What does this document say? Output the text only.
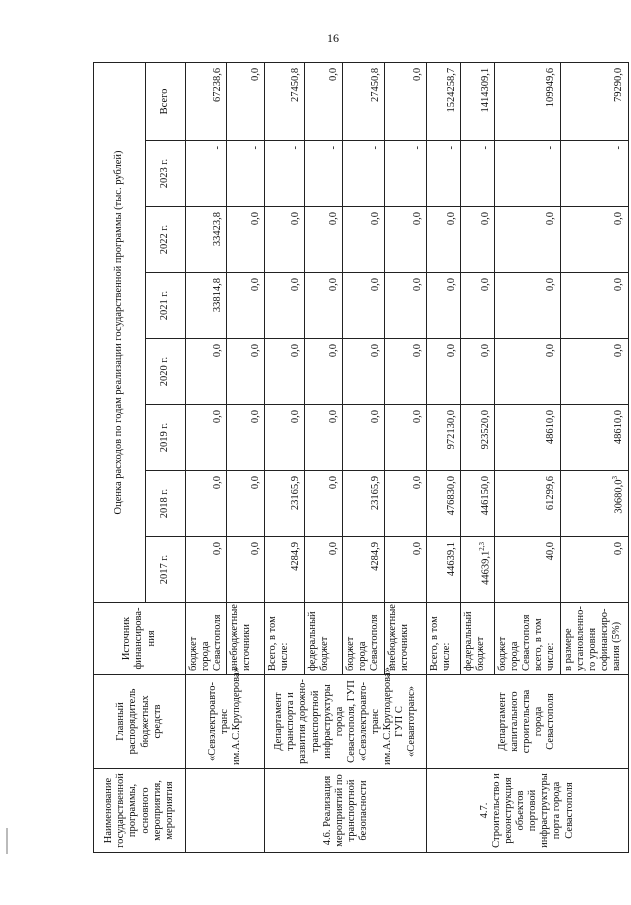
16
Наименование государственной программы, основного мероприятия, мероприятия	Главный распорядитель бюджетных средств	Источник финансирова-ния	Оценка расходов по годам реализации государственной программы (тыс. рублей)							
			2017 г.	2018 г.	2019 г.	2020 г.	2021 г.	2022 г.	2023 г.	Всего
	«Севэлектроавто-транс им.А.С.Круподерова»	бюджет города Севастополя	0,0	0,0	0,0	0,0	33814,8	33423,8	-	67238,6
		внебюджетные источники	0,0	0,0	0,0	0,0	0,0	0,0	-	0,0
4.6. Реализация мероприятий по транспортной безопасности	Департамент транспорта и развития дорожно-транспортной инфраструктуры города Севастополя, ГУП «Севэлектроавто-транс им.А.С.Круподерова», ГУП С «Севавтотранс»	Всего, в том числе:	4284,9	23165,9	0,0	0,0	0,0	0,0	-	27450,8
		федеральный бюджет	0,0	0,0	0,0	0,0	0,0	0,0	-	0,0
		бюджет города Севастополя	4284,9	23165,9	0,0	0,0	0,0	0,0	-	27450,8
		внебюджетные источники	0,0	0,0	0,0	0,0	0,0	0,0	-	0,0
4.7. Строительство и реконструкция объектов портовой инфраструктуры порта города Севастополя	Департамент капитального строительства города Севастополя	Всего, в том числе:	44639,1	476830,0	972130,0	0,0	0,0	0,0	-	1524258,7
		федеральный бюджет	44639,1$^{2,3}$	446150,0	923520,0	0,0	0,0	0,0	-	1414309,1
		бюджет города Севастополя всего, в том числе:	40,0	61299,6	48610,0	0,0	0,0	0,0	-	109949,6
		в размере установленно-го уровня софинансиро-вания (5%)	0,0	30680,0$^3$	48610,0	0,0	0,0	0,0	-	79290,0
